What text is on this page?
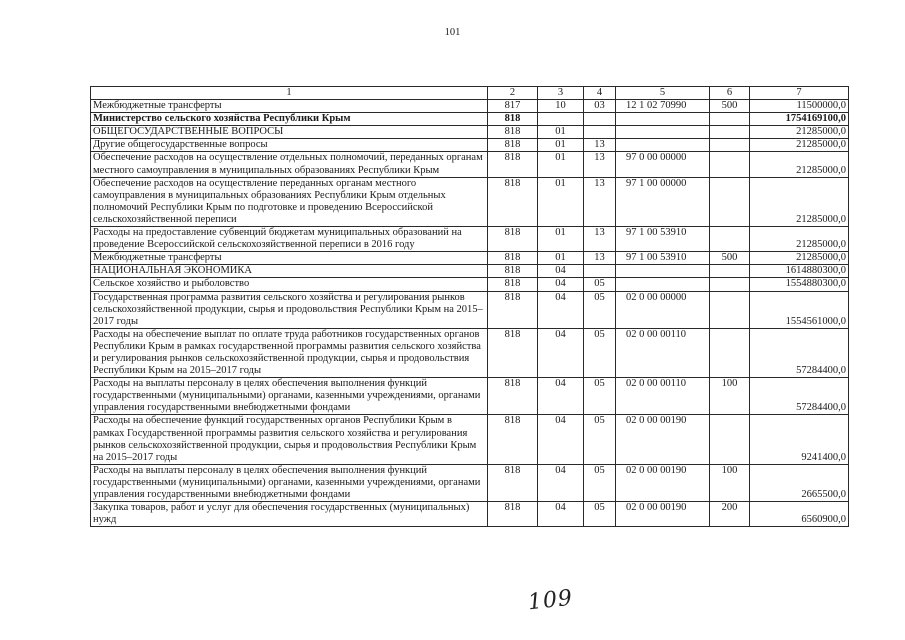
101
1	2	3	4	5	6	7
Межбюджетные трансферты	817	10	03	12 1 02 70990	500	11500000,0
Министерство сельского хозяйства Республики Крым	818					1754169100,0
ОБЩЕГОСУДАРСТВЕННЫЕ ВОПРОСЫ	818	01				21285000,0
Другие общегосударственные вопросы	818	01	13			21285000,0
Обеспечение расходов на осуществление отдельных полномочий, переданных органам местного самоуправления в муниципальных образованиях Республики Крым	818	01	13	97 0 00 00000		21285000,0
Обеспечение расходов на осуществление переданных органам местного самоуправления в муниципальных образованиях Республики Крым отдельных полномочий Республики Крым по подготовке и проведению Всероссийской сельскохозяйственной переписи	818	01	13	97 1 00 00000		21285000,0
Расходы на предоставление субвенций бюджетам муниципальных образований на проведение Всероссийской сельскохозяйственной переписи в 2016 году	818	01	13	97 1 00 53910		21285000,0
Межбюджетные трансферты	818	01	13	97 1 00 53910	500	21285000,0
НАЦИОНАЛЬНАЯ ЭКОНОМИКА	818	04				1614880300,0
Сельское хозяйство и рыболовство	818	04	05			1554880300,0
Государственная программа развития сельского хозяйства и регулирования рынков сельскохозяйственной продукции, сырья и продовольствия Республики Крым на 2015–2017 годы	818	04	05	02 0 00 00000		1554561000,0
Расходы на обеспечение выплат по оплате труда работников государственных органов Республики Крым в рамках государственной программы развития сельского хозяйства и регулирования рынков сельскохозяйственной продукции, сырья и продовольствия Республики Крым на 2015–2017 годы	818	04	05	02 0 00 00110		57284400,0
Расходы на выплаты персоналу в целях обеспечения выполнения функций государственными (муниципальными) органами, казенными учреждениями, органами управления государственными внебюджетными фондами	818	04	05	02 0 00 00110	100	57284400,0
Расходы на обеспечение функций государственных органов Республики Крым в рамках Государственной программы развития сельского хозяйства и регулирования рынков сельскохозяйственной продукции, сырья и продовольствия Республики Крым на 2015–2017 годы	818	04	05	02 0 00 00190		9241400,0
Расходы на выплаты персоналу в целях обеспечения выполнения функций государственными (муниципальными) органами, казенными учреждениями, органами управления государственными внебюджетными фондами	818	04	05	02 0 00 00190	100	2665500,0
Закупка товаров, работ и услуг для обеспечения государственных (муниципальных) нужд	818	04	05	02 0 00 00190	200	6560900,0
109
